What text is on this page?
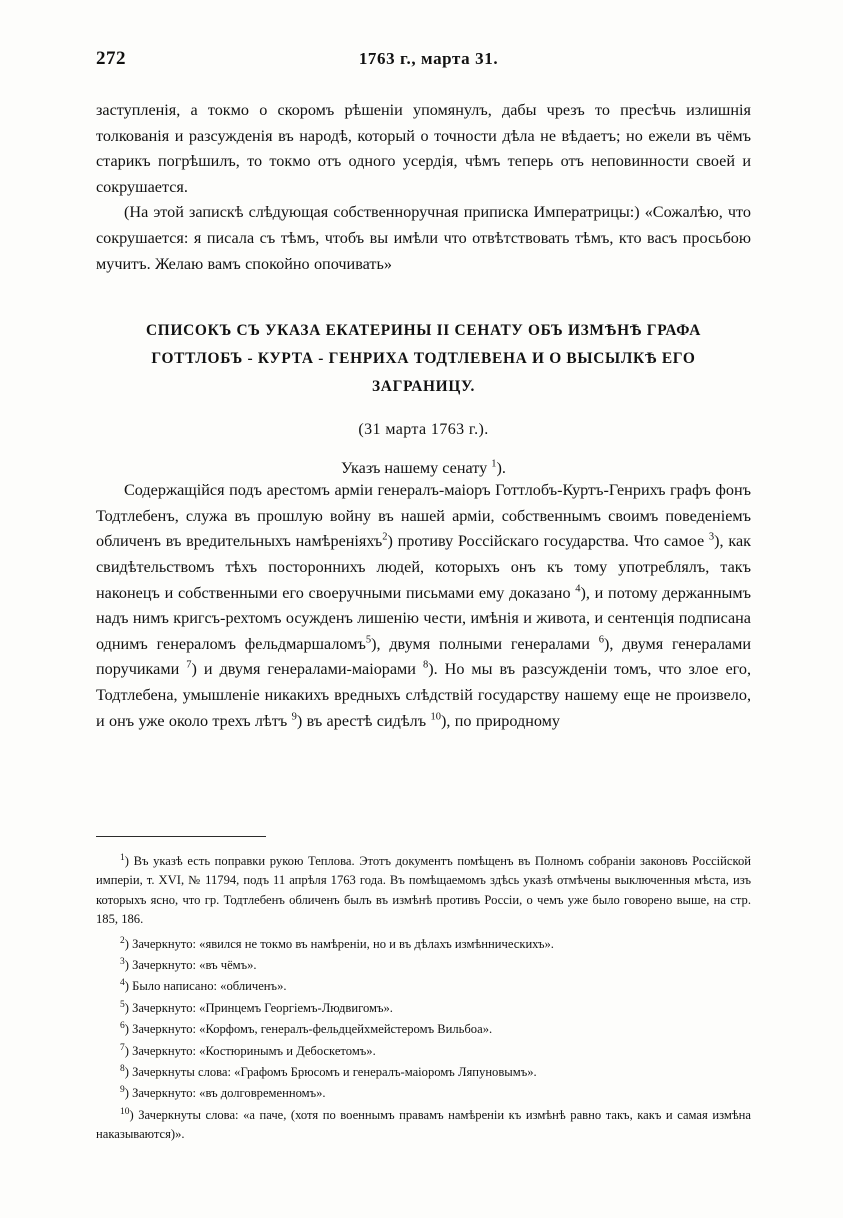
272	1763 г., марта 31.

заступленія, а токмо о скоромъ рѣшеніи упомянулъ, дабы чрезъ то пресѣчь излишнія толкованія и разсужденія въ народѣ, который о точности дѣла не вѣдаетъ; но ежели въ чёмъ старикъ погрѣшилъ, то токмо отъ одного усердія, чѣмъ теперь отъ неповинности своей и сокрушается.

(На этой запискѣ слѣдующая собственноручная приписка Императрицы:) «Сожалѣю, что сокрушается: я писала съ тѣмъ, чтобъ вы имѣли что отвѣтствовать тѣмъ, кто васъ просьбою мучитъ. Желаю вамъ спокойно опочивать»

СПИСОКЪ СЪ УКАЗА ЕКАТЕРИНЫ II СЕНАТУ ОБЪ ИЗМѢНѢ ГРАФА ГОТТЛОБЪ - КУРТА - ГЕНРИХА ТОДТЛЕВЕНА И О ВЫСЫЛКѢ ЕГО ЗАГРАНИЦУ.
(31 марта 1763 г.).
Указъ нашему сенату $^1$).

Содержащійся подъ арестомъ арміи генералъ-маіоръ Готтлобъ-Куртъ-Генрихъ графъ фонъ Тодтлебенъ, служа въ прошлую войну въ нашей арміи, собственнымъ своимъ поведеніемъ обличенъ въ вредительныхъ намѣреніяхъ$^2$) противу Россійскаго государства. Что самое $^3$), как свидѣтельствомъ тѣхъ постороннихъ людей, которыхъ онъ къ тому употреблялъ, такъ наконецъ и собственными его своеручными письмами ему доказано $^4$), и потому держаннымъ надъ нимъ кригсъ-рехтомъ осужденъ лишенію чести, имѣнія и живота, и сентенція подписана однимъ генераломъ фельдмаршаломъ$^5$), двумя полными генералами $^6$), двумя генералами поручиками $^7$) и двумя генералами-маіорами $^8$). Но мы въ разсужденіи томъ, что злое его, Тодтлебена, умышленіе никакихъ вредныхъ слѣдствій государству нашему еще не произвело, и онъ уже около трехъ лѣтъ $^9$) въ арестѣ сидѣлъ $^{10}$), по природному

$^1$) Въ указѣ есть поправки рукою Теплова. Этотъ документъ помѣщенъ въ Полномъ собраніи законовъ Россійской имперіи, т. XVI, № 11794, подъ 11 апрѣля 1763 года. Въ помѣщаемомъ здѣсь указѣ отмѣчены выключенныя мѣста, изъ которыхъ ясно, что гр. Тодтлебенъ обличенъ былъ въ измѣнѣ противъ Россіи, о чемъ уже было говорено выше, на стр. 185, 186.
$^2$) Зачеркнуто: «явился не токмо въ намѣреніи, но и въ дѣлахъ измѣнническихъ».
$^3$) Зачеркнуто: «въ чёмъ».
$^4$) Было написано: «обличенъ».
$^5$) Зачеркнуто: «Принцемъ Георгіемъ-Людвигомъ».
$^6$) Зачеркнуто: «Корфомъ, генералъ-фельдцейхмейстеромъ Вильбоа».
$^7$) Зачеркнуто: «Костюринымъ и Дебоскетомъ».
$^8$) Зачеркнуты слова: «Графомъ Брюсомъ и генералъ-маіоромъ Ляпуновымъ».
$^9$) Зачеркнуто: «въ долговременномъ».
$^{10}$) Зачеркнуты слова: «а паче, (хотя по военнымъ правамъ намѣреніи къ измѣнѣ равно такъ, какъ и самая измѣна наказываются)».
